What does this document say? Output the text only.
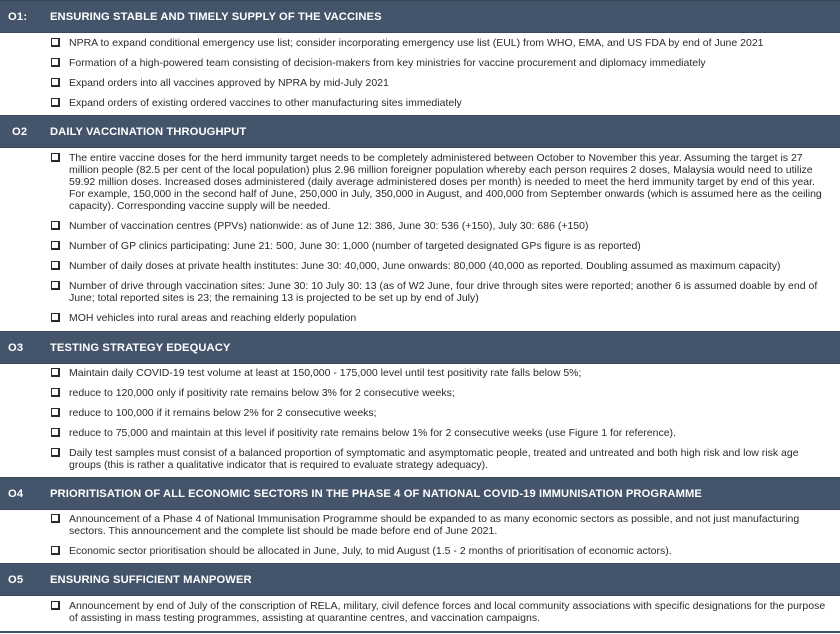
O1:	ENSURING STABLE AND TIMELY SUPPLY OF THE VACCINES
NPRA to expand conditional emergency use list; consider incorporating emergency use list (EUL) from WHO, EMA, and US FDA by end of June 2021
Formation of a high-powered team consisting of decision-makers from key ministries for vaccine procurement and diplomacy immediately
Expand orders into all vaccines approved by NPRA by mid-July 2021
Expand orders of existing ordered vaccines to other manufacturing sites immediately
O2	DAILY VACCINATION THROUGHPUT
The entire vaccine doses for the herd immunity target needs to be completely administered between October to November this year. Assuming the target is 27 million people (82.5 per cent of the local population) plus 2.96 million foreigner population whereby each person requires 2 doses, Malaysia would need to utilize 59.92 million doses. Increased doses administered (daily average administered doses per month) is needed to meet the herd immunity target by end of this year. For example, 150,000 in the second half of June, 250,000 in July, 350,000 in August, and 400,000 from September onwards (which is assumed here as the ceiling capacity). Corresponding vaccine supply will be needed.
Number of vaccination centres (PPVs) nationwide: as of June 12: 386, June 30: 536 (+150), July 30: 686 (+150)
Number of GP clinics participating: June 21: 500, June 30: 1,000 (number of targeted designated GPs figure is as reported)
Number of daily doses at private health institutes: June 30: 40,000, June onwards: 80,000 (40,000 as reported. Doubling assumed as maximum capacity)
Number of drive through vaccination sites: June 30: 10 July 30: 13 (as of W2 June, four drive through sites were reported; another 6 is assumed doable by end of June; total reported sites is 23; the remaining 13 is projected to be set up by end of July)
MOH vehicles into rural areas and reaching elderly population
O3	TESTING STRATEGY EDEQUACY
Maintain daily COVID-19 test volume at least at 150,000 - 175,000 level until test positivity rate falls below 5%;
reduce to 120,000 only if positivity rate remains below 3% for 2 consecutive weeks;
reduce to 100,000 if it remains below 2% for 2 consecutive weeks;
reduce to 75,000 and maintain at this level if positivity rate remains below 1% for 2 consecutive weeks (use Figure 1 for reference).
Daily test samples must consist of a balanced proportion of symptomatic and asymptomatic people, treated and untreated and both high risk and low risk age groups (this is rather a qualitative indicator that is required to evaluate strategy adequacy).
O4	PRIORITISATION OF ALL ECONOMIC SECTORS IN THE PHASE 4 OF NATIONAL COVID-19 IMMUNISATION PROGRAMME
Announcement of a Phase 4 of National Immunisation Programme should be expanded to as many economic sectors as possible, and not just manufacturing sectors. This announcement and the complete list should be made before end of June 2021.
Economic sector prioritisation should be allocated in June, July, to mid August (1.5 - 2 months of prioritisation of economic actors).
O5	ENSURING SUFFICIENT MANPOWER
Announcement by end of July of the conscription of RELA, military, civil defence forces and local community associations with specific designations for the purpose of assisting in mass testing programmes, assisting at quarantine centres, and vaccination campaigns.
